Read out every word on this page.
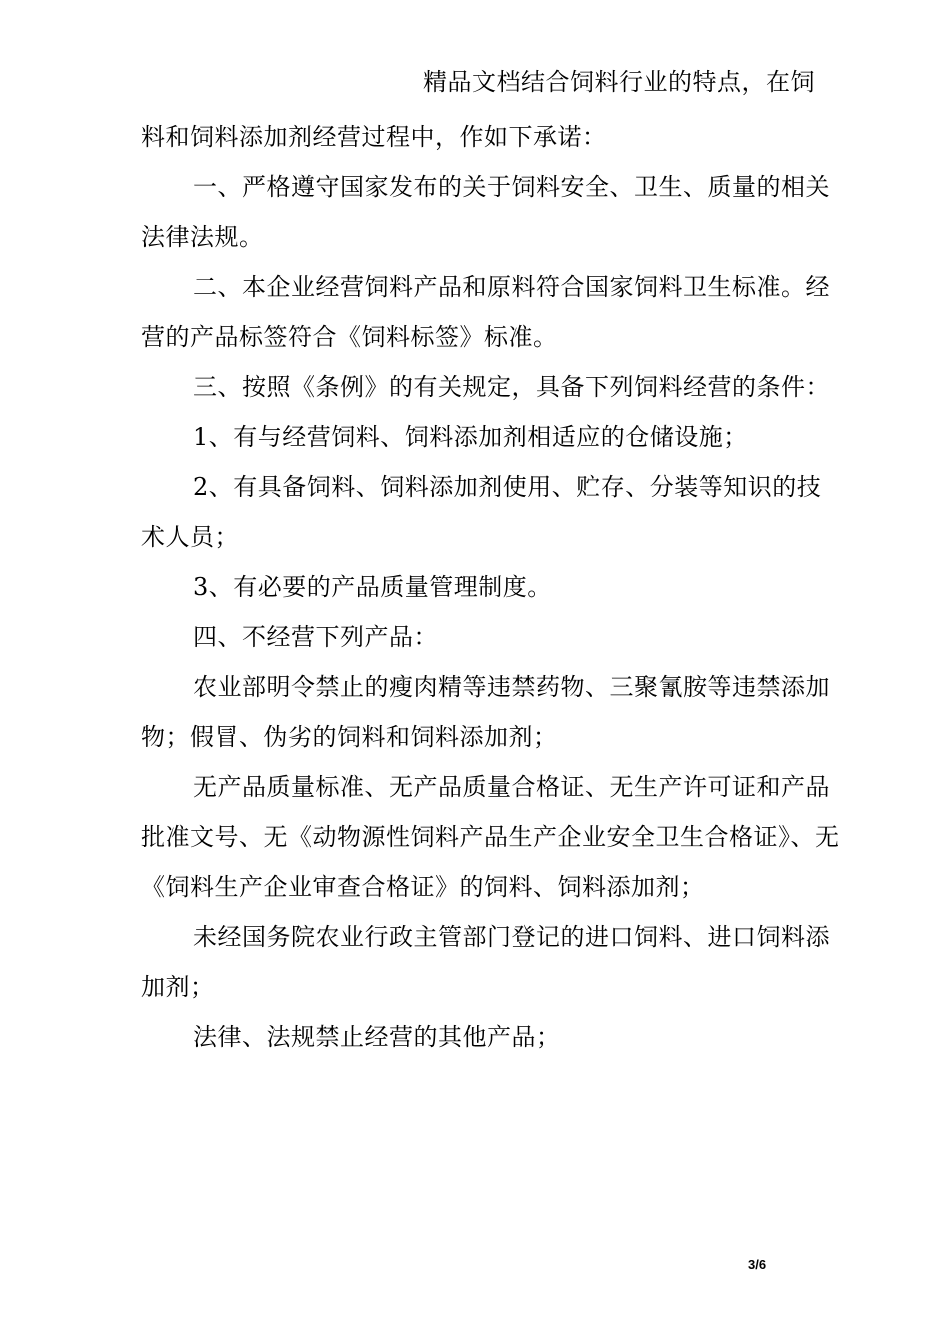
精品文档结合饲料行业的特点，在饲

料和饲料添加剂经营过程中，作如下承诺：

一、严格遵守国家发布的关于饲料安全、卫生、质量的相关法律法规。

二、本企业经营饲料产品和原料符合国家饲料卫生标准。经营的产品标签符合《饲料标签》标准。

三、按照《条例》的有关规定，具备下列饲料经营的条件：

1、有与经营饲料、饲料添加剂相适应的仓储设施；

2、有具备饲料、饲料添加剂使用、贮存、分装等知识的技术人员；

3、有必要的产品质量管理制度。

四、不经营下列产品：

农业部明令禁止的瘦肉精等违禁药物、三聚氰胺等违禁添加物；假冒、伪劣的饲料和饲料添加剂；

无产品质量标准、无产品质量合格证、无生产许可证和产品批准文号、无《动物源性饲料产品生产企业安全卫生合格证》、无《饲料生产企业审查合格证》的饲料、饲料添加剂；

未经国务院农业行政主管部门登记的进口饲料、进口饲料添加剂；

法律、法规禁止经营的其他产品；

3/6
